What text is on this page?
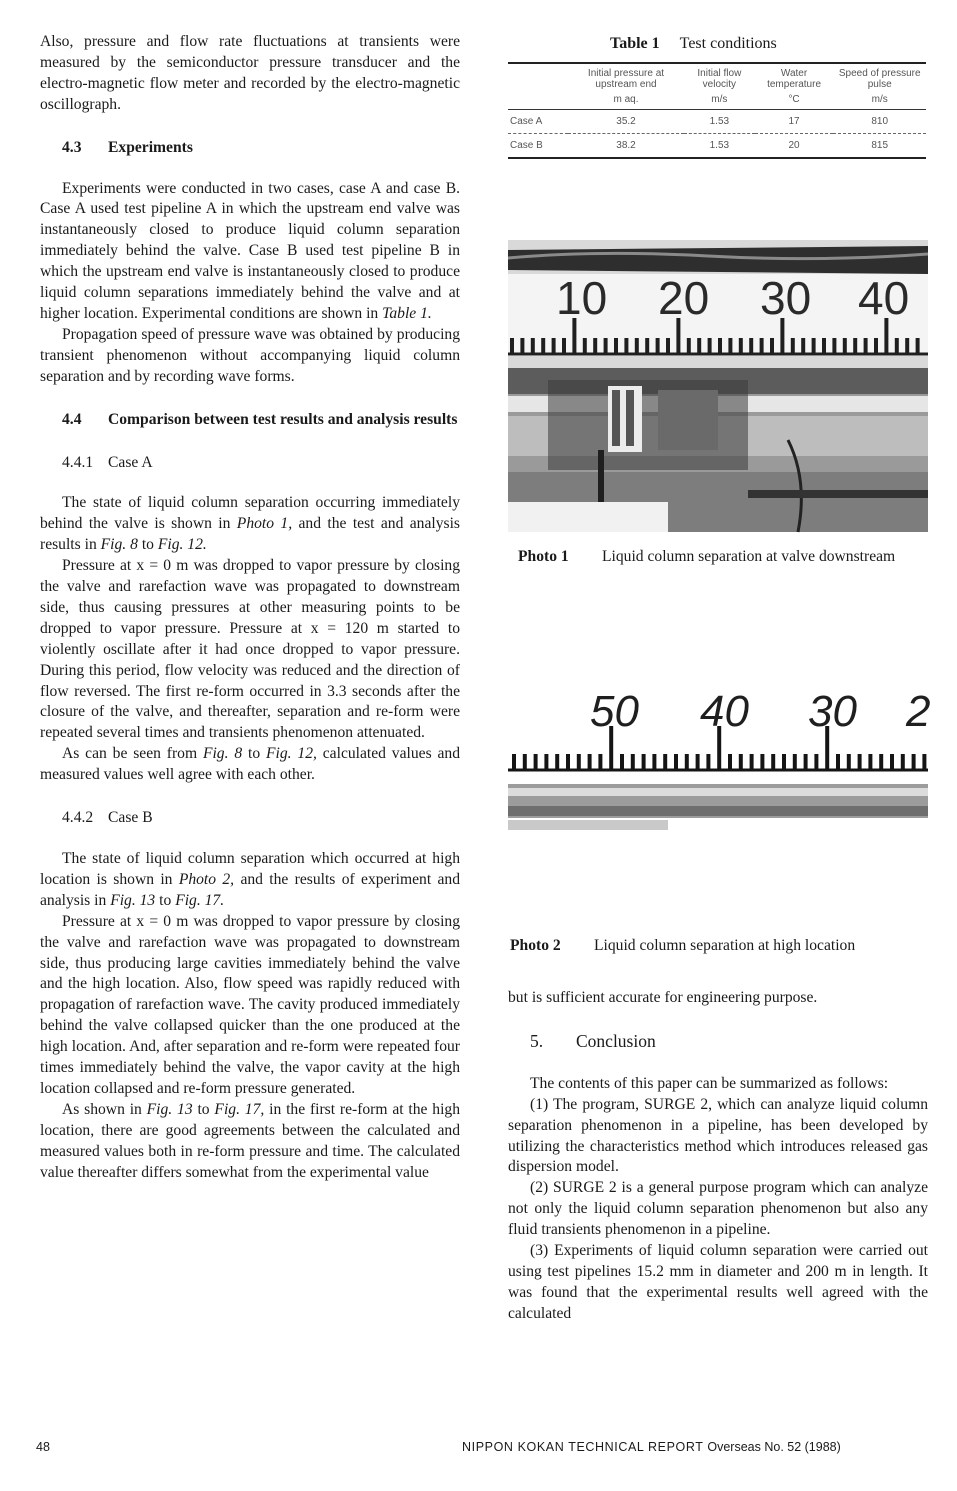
Also, pressure and flow rate fluctuations at transients were measured by the semiconductor pressure transducer and the electro-magnetic flow meter and recorded by the electro-magnetic oscillograph.

4.3 Experiments

Experiments were conducted in two cases, case A and case B. Case A used test pipeline A in which the upstream end valve was instantaneously closed to produce liquid column separation immediately behind the valve. Case B used test pipeline B in which the upstream end valve is instantaneously closed to produce liquid column separations immediately behind the valve and at higher location. Experimental conditions are shown in Table 1.

Propagation speed of pressure wave was obtained by producing transient phenomenon without accompanying liquid column separation and by recording wave forms.

4.4	Comparison between test results and analysis results
4.4.1 Case A

The state of liquid column separation occurring immediately behind the valve is shown in Photo 1, and the test and analysis results in Fig. 8 to Fig. 12.

Pressure at x = 0 m was dropped to vapor pressure by closing the valve and rarefaction wave was propagated to downstream side, thus causing pressures at other measuring points to be dropped to vapor pressure. Pressure at x = 120 m started to violently oscillate after it had once dropped to vapor pressure. During this period, flow velocity was reduced and the direction of flow reversed. The first re-form occurred in 3.3 seconds after the closure of the valve, and thereafter, separation and re-form were repeated several times and transients phenomenon attenuated.

As can be seen from Fig. 8 to Fig. 12, calculated values and measured values well agree with each other.

4.4.2 Case B

The state of liquid column separation which occurred at high location is shown in Photo 2, and the results of experiment and analysis in Fig. 13 to Fig. 17.

Pressure at x = 0 m was dropped to vapor pressure by closing the valve and rarefaction wave was propagated to downstream side, thus producing large cavities immediately behind the valve and the high location. Also, flow speed was rapidly reduced with propagation of rarefaction wave. The cavity produced immediately behind the valve collapsed quicker than the one produced at the high location. And, after separation and re-form were repeated four times immediately behind the valve, the vapor cavity at the high location collapsed and re-form pressure generated.

As shown in Fig. 13 to Fig. 17, in the first re-form at the high location, there are good agreements between the calculated and measured values both in re-form pressure and time. The calculated value thereafter differs somewhat from the experimental value

Table 1 Test conditions
	Initial pressure at upstream end	Initial flow velocity	Water temperature	Speed of pressure pulse
	m aq.	m/s	°C	m/s
Case A	35.2	1.53	17	810
Case B	38.2	1.53	20	815
10 20 30 40
Photo 1 Liquid column separation at valve downstream
50 40 30 2
Photo 2 Liquid column separation at high location

but is sufficient accurate for engineering purpose.

5. Conclusion

The contents of this paper can be summarized as follows:

(1) The program, SURGE 2, which can analyze liquid column separation phenomenon in a pipeline, has been developed by utilizing the characteristics method which introduces released gas dispersion model.

(2) SURGE 2 is a general purpose program which can analyze not only the liquid column separation phenomenon but also any fluid transients phenomenon in a pipeline.

(3) Experiments of liquid column separation were carried out using test pipelines 15.2 mm in diameter and 200 m in length. It was found that the experimental results well agreed with the calculated

48	NIPPON KOKAN TECHNICAL REPORT Overseas No. 52 (1988)
